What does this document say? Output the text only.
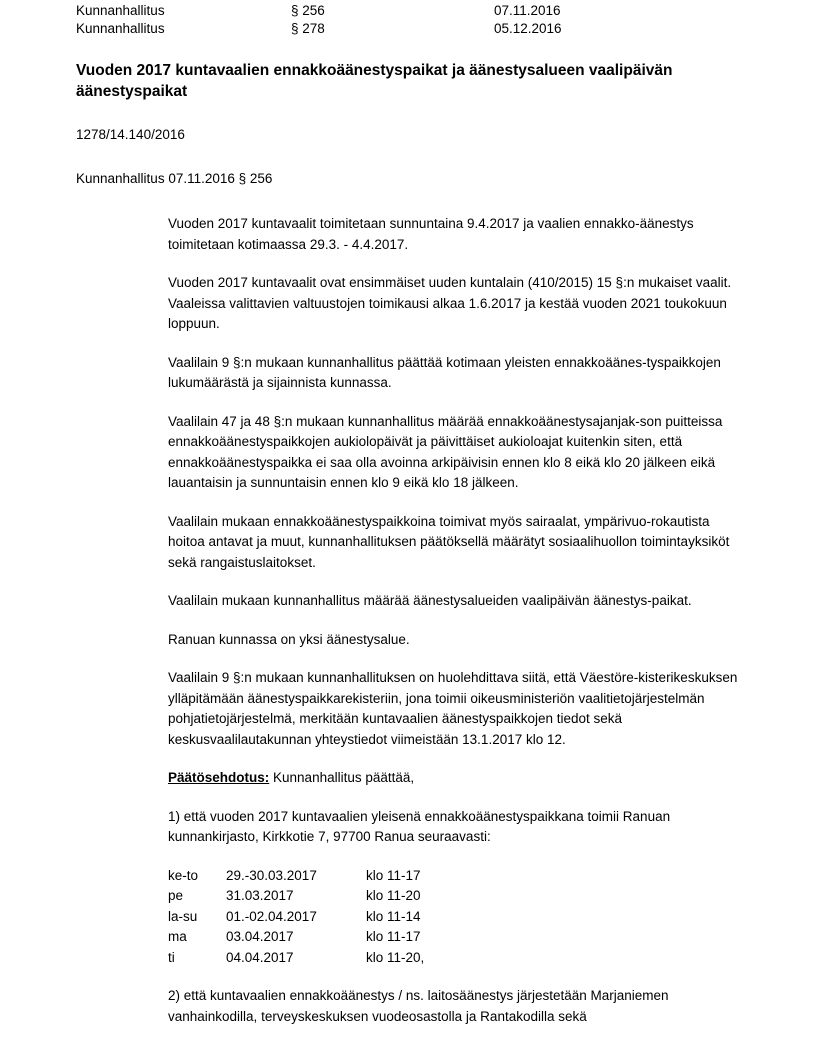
Kunnanhallitus	§ 256	07.11.2016
Kunnanhallitus	§ 278	05.12.2016
Vuoden 2017 kuntavaalien ennakkoäänestyspaikat ja äänestysalueen vaalipäivän äänestyspaikat
1278/14.140/2016
Kunnanhallitus 07.11.2016 § 256

Vuoden 2017 kuntavaalit toimitetaan sunnuntaina 9.4.2017 ja vaalien ennakko-äänestys toimitetaan kotimaassa 29.3. - 4.4.2017.

Vuoden 2017 kuntavaalit ovat ensimmäiset uuden kuntalain (410/2015) 15 §:n mukaiset vaalit. Vaaleissa valittavien valtuustojen toimikausi alkaa 1.6.2017 ja kestää vuoden 2021 toukokuun loppuun.

Vaalilain 9 §:n mukaan kunnanhallitus päättää kotimaan yleisten ennakkoäänes-tyspaikkojen lukumäärästä ja sijainnista kunnassa.

Vaalilain 47 ja 48 §:n mukaan kunnanhallitus määrää ennakkoäänestysajanjak-son puitteissa ennakkoäänestyspaikkojen aukiolopäivät ja päivittäiset aukioloajat kuitenkin siten, että ennakkoäänestyspaikka ei saa olla avoinna arkipäivisin ennen klo 8 eikä klo 20 jälkeen eikä lauantaisin ja sunnuntaisin ennen klo 9 eikä klo 18 jälkeen.

Vaalilain mukaan ennakkoäänestyspaikkoina toimivat myös sairaalat, ympärivuo-rokautista hoitoa antavat ja muut, kunnanhallituksen päätöksellä määrätyt sosiaalihuollon toimintayksiköt sekä rangaistuslaitokset.

Vaalilain mukaan kunnanhallitus määrää äänestysalueiden vaalipäivän äänestys-paikat.

Ranuan kunnassa on yksi äänestysalue.

Vaalilain 9 §:n mukaan kunnanhallituksen on huolehdittava siitä, että Väestöre-kisterikeskuksen ylläpitämään äänestyspaikkarekisteriin, jona toimii oikeusministeriön vaalitietojärjestelmän pohjatietojärjestelmä, merkitään kuntavaalien äänestyspaikkojen tiedot sekä keskusvaalilautakunnan yhteystiedot viimeistään 13.1.2017 klo 12.

Päätösehdotus: Kunnanhallitus päättää,

1) että vuoden 2017 kuntavaalien yleisenä ennakkoäänestyspaikkana toimii Ranuan kunnankirjasto, Kirkkotie 7, 97700 Ranua seuraavasti:

ke-to	29.-30.03.2017	klo 11-17
pe	31.03.2017	klo 11-20
la-su	01.-02.04.2017	klo 11-14
ma	03.04.2017	klo 11-17
ti	04.04.2017	klo 11-20,

2) että kuntavaalien ennakkoäänestys / ns. laitosäänestys järjestetään Marjaniemen vanhainkodilla, terveyskeskuksen vuodeosastolla ja Rantakodilla sekä
